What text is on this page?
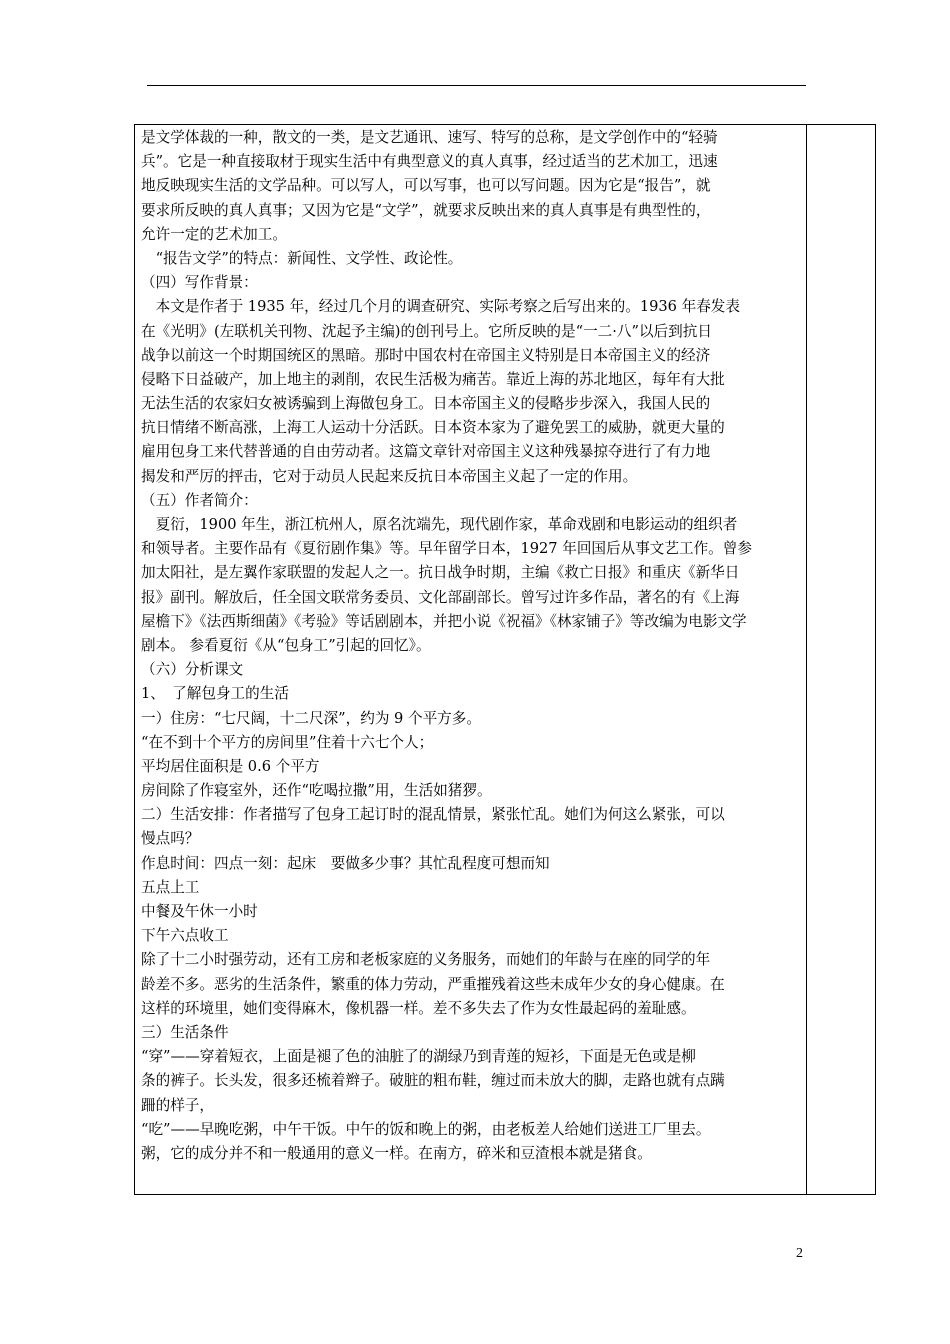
是文学体裁的一种，散文的一类，是文艺通讯、速写、特写的总称，是文学创作中的“轻骑
兵”。它是一种直接取材于现实生活中有典型意义的真人真事，经过适当的艺术加工，迅速
地反映现实生活的文学品种。可以写人，可以写事，也可以写问题。因为它是“报告”，就
要求所反映的真人真事；又因为它是“文学”，就要求反映出来的真人真事是有典型性的，
允许一定的艺术加工。
　“报告文学”的特点：新闻性、文学性、政论性。
（四）写作背景：
　本文是作者于 1935 年，经过几个月的调查研究、实际考察之后写出来的。1936 年春发表
在《光明》(左联机关刊物、沈起予主编)的创刊号上。它所反映的是“一二·八”以后到抗日
战争以前这一个时期国统区的黑暗。那时中国农村在帝国主义特别是日本帝国主义的经济
侵略下日益破产，加上地主的剥削，农民生活极为痛苦。靠近上海的苏北地区，每年有大批
无法生活的农家妇女被诱骗到上海做包身工。日本帝国主义的侵略步步深入，我国人民的
抗日情绪不断高涨，上海工人运动十分活跃。日本资本家为了避免罢工的威胁，就更大量的
雇用包身工来代替普通的自由劳动者。这篇文章针对帝国主义这种残暴掠夺进行了有力地
揭发和严厉的抨击，它对于动员人民起来反抗日本帝国主义起了一定的作用。
（五）作者简介：
　夏衍，1900 年生，浙江杭州人，原名沈端先，现代剧作家，革命戏剧和电影运动的组织者
和领导者。主要作品有《夏衍剧作集》等。早年留学日本，1927 年回国后从事文艺工作。曾参
加太阳社，是左翼作家联盟的发起人之一。抗日战争时期，主编《救亡日报》和重庆《新华日
报》副刊。解放后，任全国文联常务委员、文化部副部长。曾写过许多作品，著名的有《上海
屋檐下》《法西斯细菌》《考验》等话剧剧本，并把小说《祝福》《林家铺子》等改编为电影文学
剧本。 参看夏衍《从“包身工”引起的回忆》。
（六）分析课文
1、　了解包身工的生活
一）住房：“七尺阔，十二尺深”，约为 9 个平方多。
“在不到十个平方的房间里”住着十六七个人；
平均居住面积是 0.6 个平方
房间除了作寝室外，还作“吃喝拉撒”用，生活如猪猡。
二）生活安排：作者描写了包身工起订时的混乱情景，紧张忙乱。她们为何这么紧张，可以
慢点吗？
作息时间：四点一刻：起床　要做多少事？其忙乱程度可想而知
五点上工
中餐及午休一小时
下午六点收工
除了十二小时强劳动，还有工房和老板家庭的义务服务，而她们的年龄与在座的同学的年
龄差不多。恶劣的生活条件，繁重的体力劳动，严重摧残着这些未成年少女的身心健康。在
这样的环境里，她们变得麻木，像机器一样。差不多失去了作为女性最起码的羞耻感。
三）生活条件
“穿”——穿着短衣，上面是褪了色的油脏了的湖绿乃到青莲的短衫，下面是无色或是柳
条的裤子。长头发，很多还梳着辫子。破脏的粗布鞋，缠过而未放大的脚，走路也就有点蹒
跚的样子，
“吃”——早晚吃粥，中午干饭。中午的饭和晚上的粥，由老板差人给她们送进工厂里去。
粥，它的成分并不和一般通用的意义一样。在南方，碎米和豆渣根本就是猪食。
2
